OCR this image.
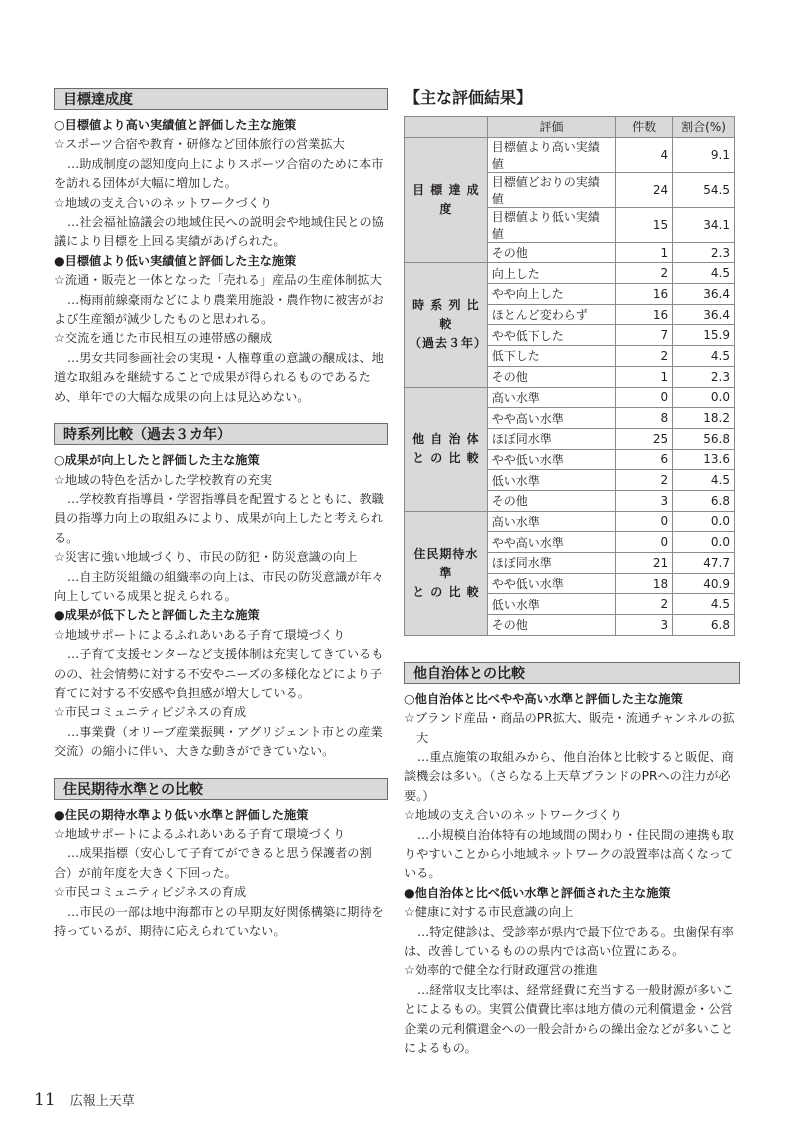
目標達成度

○目標値より高い実績値と評価した主な施策

☆スポーツ合宿や教育・研修など団体旅行の営業拡大

…助成制度の認知度向上によりスポーツ合宿のために本市を訪れる団体が大幅に増加した。

☆地域の支え合いのネットワークづくり

…社会福祉協議会の地域住民への説明会や地域住民との協議により目標を上回る実績があげられた。

●目標値より低い実績値と評価した主な施策

☆流通・販売と一体となった「売れる」産品の生産体制拡大

…梅雨前線豪雨などにより農業用施設・農作物に被害がおよび生産額が減少したものと思われる。

☆交流を通じた市民相互の連帯感の醸成

…男女共同参画社会の実現・人権尊重の意識の醸成は、地道な取組みを継続することで成果が得られるものであるため、単年での大幅な成果の向上は見込めない。

時系列比較（過去３カ年）

○成果が向上したと評価した主な施策

☆地域の特色を活かした学校教育の充実

…学校教育指導員・学習指導員を配置するとともに、教職員の指導力向上の取組みにより、成果が向上したと考えられる。

☆災害に強い地域づくり、市民の防犯・防災意識の向上

…自主防災組織の組織率の向上は、市民の防災意識が年々向上している成果と捉えられる。

●成果が低下したと評価した主な施策

☆地域サポートによるふれあいある子育て環境づくり

…子育て支援センターなど支援体制は充実してきているものの、社会情勢に対する不安やニーズの多様化などにより子育てに対する不安感や負担感が増大している。

☆市民コミュニティビジネスの育成

…事業費（オリーブ産業振興・アグリジェント市との産業交流）の縮小に伴い、大きな動きができていない。

住民期待水準との比較

●住民の期待水準より低い水準と評価した施策

☆地域サポートによるふれあいある子育て環境づくり

…成果指標（安心して子育てができると思う保護者の割合）が前年度を大きく下回った。

☆市民コミュニティビジネスの育成

…市民の一部は地中海都市との早期友好関係構築に期待を持っているが、期待に応えられていない。

【主な評価結果】
	評価	件数	割合(%)
目 標 達 成 度	目標値より高い実績値	4	9.1
	目標値どおりの実績値	24	54.5
	目標値より低い実績値	15	34.1
	その他	1	2.3
時 系 列 比 較
（過去３年）	向上した	2	4.5
	やや向上した	16	36.4
	ほとんど変わらず	16	36.4
	やや低下した	7	15.9
	低下した	2	4.5
	その他	1	2.3
他 自 治 体
と の 比 較	高い水準	0	0.0
	やや高い水準	8	18.2
	ほぼ同水準	25	56.8
	やや低い水準	6	13.6
	低い水準	2	4.5
	その他	3	6.8
住民期待水準
と の 比 較	高い水準	0	0.0
	やや高い水準	0	0.0
	ほぼ同水準	21	47.7
	やや低い水準	18	40.9
	低い水準	2	4.5
	その他	3	6.8
他自治体との比較

○他自治体と比べやや高い水準と評価した主な施策

☆ブランド産品・商品のPR拡大、販売・流通チャンネルの拡大

…重点施策の取組みから、他自治体と比較すると販促、商談機会は多い。（さらなる上天草ブランドのPRへの注力が必要。）

☆地域の支え合いのネットワークづくり

…小規模自治体特有の地域間の関わり・住民間の連携も取りやすいことから小地域ネットワークの設置率は高くなっている。

●他自治体と比べ低い水準と評価された主な施策

☆健康に対する市民意識の向上

…特定健診は、受診率が県内で最下位である。虫歯保有率は、改善しているものの県内では高い位置にある。

☆効率的で健全な行財政運営の推進

…経常収支比率は、経常経費に充当する一般財源が多いことによるもの。実質公債費比率は地方債の元利償還金・公営企業の元利償還金への一般会計からの繰出金などが多いことによるもの。

11 広報上天草
